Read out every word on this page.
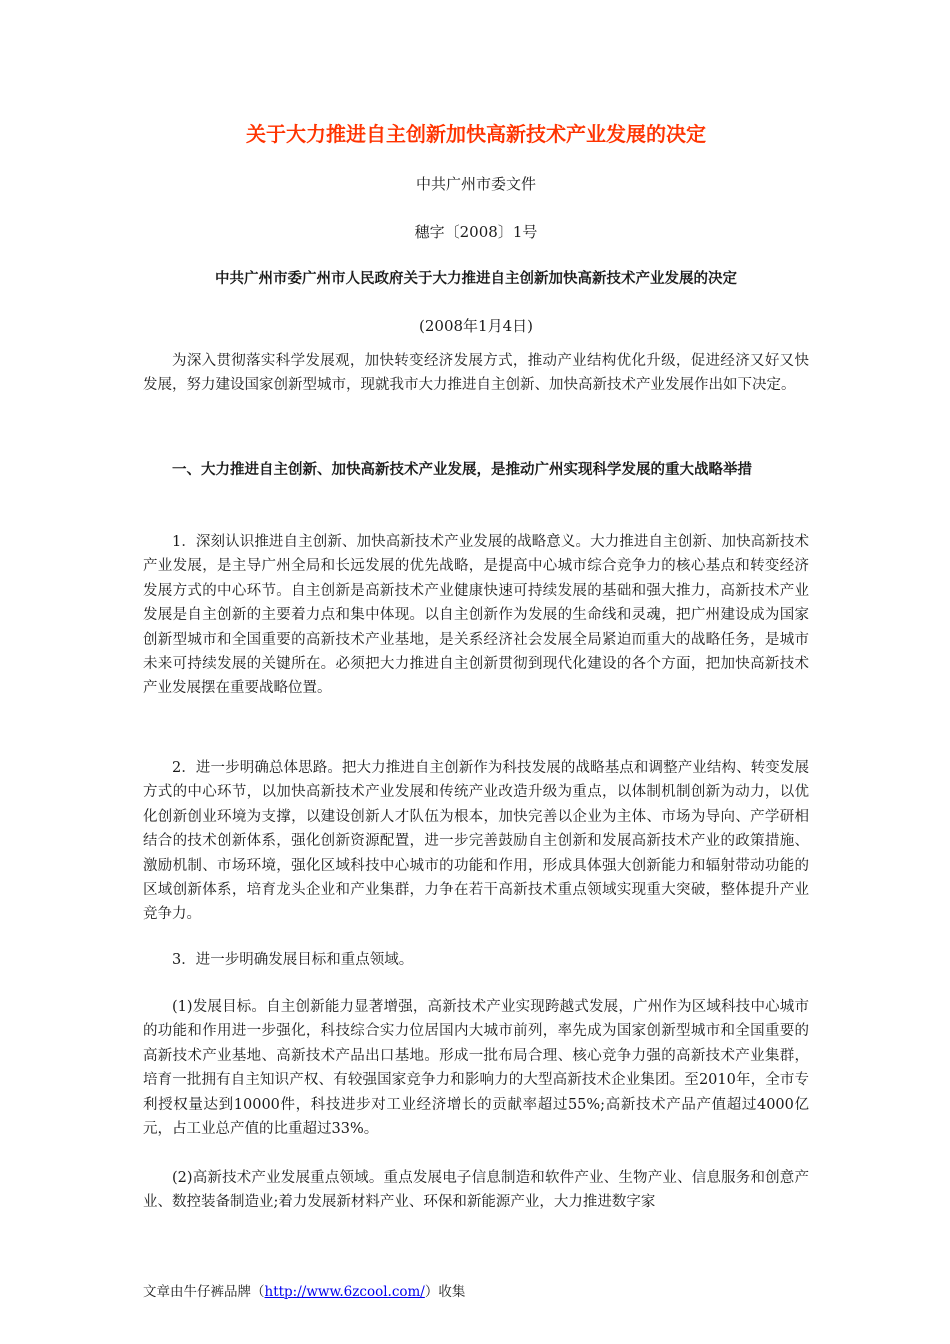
关于大力推进自主创新加快高新技术产业发展的决定
中共广州市委文件
穗字〔2008〕1号
中共广州市委广州市人民政府关于大力推进自主创新加快高新技术产业发展的决定
(2008年1月4日)

为深入贯彻落实科学发展观，加快转变经济发展方式，推动产业结构优化升级，促进经济又好又快发展，努力建设国家创新型城市，现就我市大力推进自主创新、加快高新技术产业发展作出如下决定。

一、大力推进自主创新、加快高新技术产业发展，是推动广州实现科学发展的重大战略举措

1．深刻认识推进自主创新、加快高新技术产业发展的战略意义。大力推进自主创新、加快高新技术产业发展，是主导广州全局和长远发展的优先战略，是提高中心城市综合竞争力的核心基点和转变经济发展方式的中心环节。自主创新是高新技术产业健康快速可持续发展的基础和强大推力，高新技术产业发展是自主创新的主要着力点和集中体现。以自主创新作为发展的生命线和灵魂，把广州建设成为国家创新型城市和全国重要的高新技术产业基地，是关系经济社会发展全局紧迫而重大的战略任务，是城市未来可持续发展的关键所在。必须把大力推进自主创新贯彻到现代化建设的各个方面，把加快高新技术产业发展摆在重要战略位置。

2．进一步明确总体思路。把大力推进自主创新作为科技发展的战略基点和调整产业结构、转变发展方式的中心环节，以加快高新技术产业发展和传统产业改造升级为重点，以体制机制创新为动力，以优化创新创业环境为支撑，以建设创新人才队伍为根本，加快完善以企业为主体、市场为导向、产学研相结合的技术创新体系，强化创新资源配置，进一步完善鼓励自主创新和发展高新技术产业的政策措施、激励机制、市场环境，强化区域科技中心城市的功能和作用，形成具体强大创新能力和辐射带动功能的区域创新体系，培育龙头企业和产业集群，力争在若干高新技术重点领域实现重大突破，整体提升产业竞争力。

3．进一步明确发展目标和重点领域。

(1)发展目标。自主创新能力显著增强，高新技术产业实现跨越式发展，广州作为区域科技中心城市的功能和作用进一步强化，科技综合实力位居国内大城市前列，率先成为国家创新型城市和全国重要的高新技术产业基地、高新技术产品出口基地。形成一批布局合理、核心竞争力强的高新技术产业集群，培育一批拥有自主知识产权、有较强国家竞争力和影响力的大型高新技术企业集团。至2010年，全市专利授权量达到10000件，科技进步对工业经济增长的贡献率超过55%;高新技术产品产值超过4000亿元，占工业总产值的比重超过33%。

(2)高新技术产业发展重点领域。重点发展电子信息制造和软件产业、生物产业、信息服务和创意产业、数控装备制造业;着力发展新材料产业、环保和新能源产业，大力推进数字家

文章由牛仔裤品牌（http://www.6zcool.com/）收集
